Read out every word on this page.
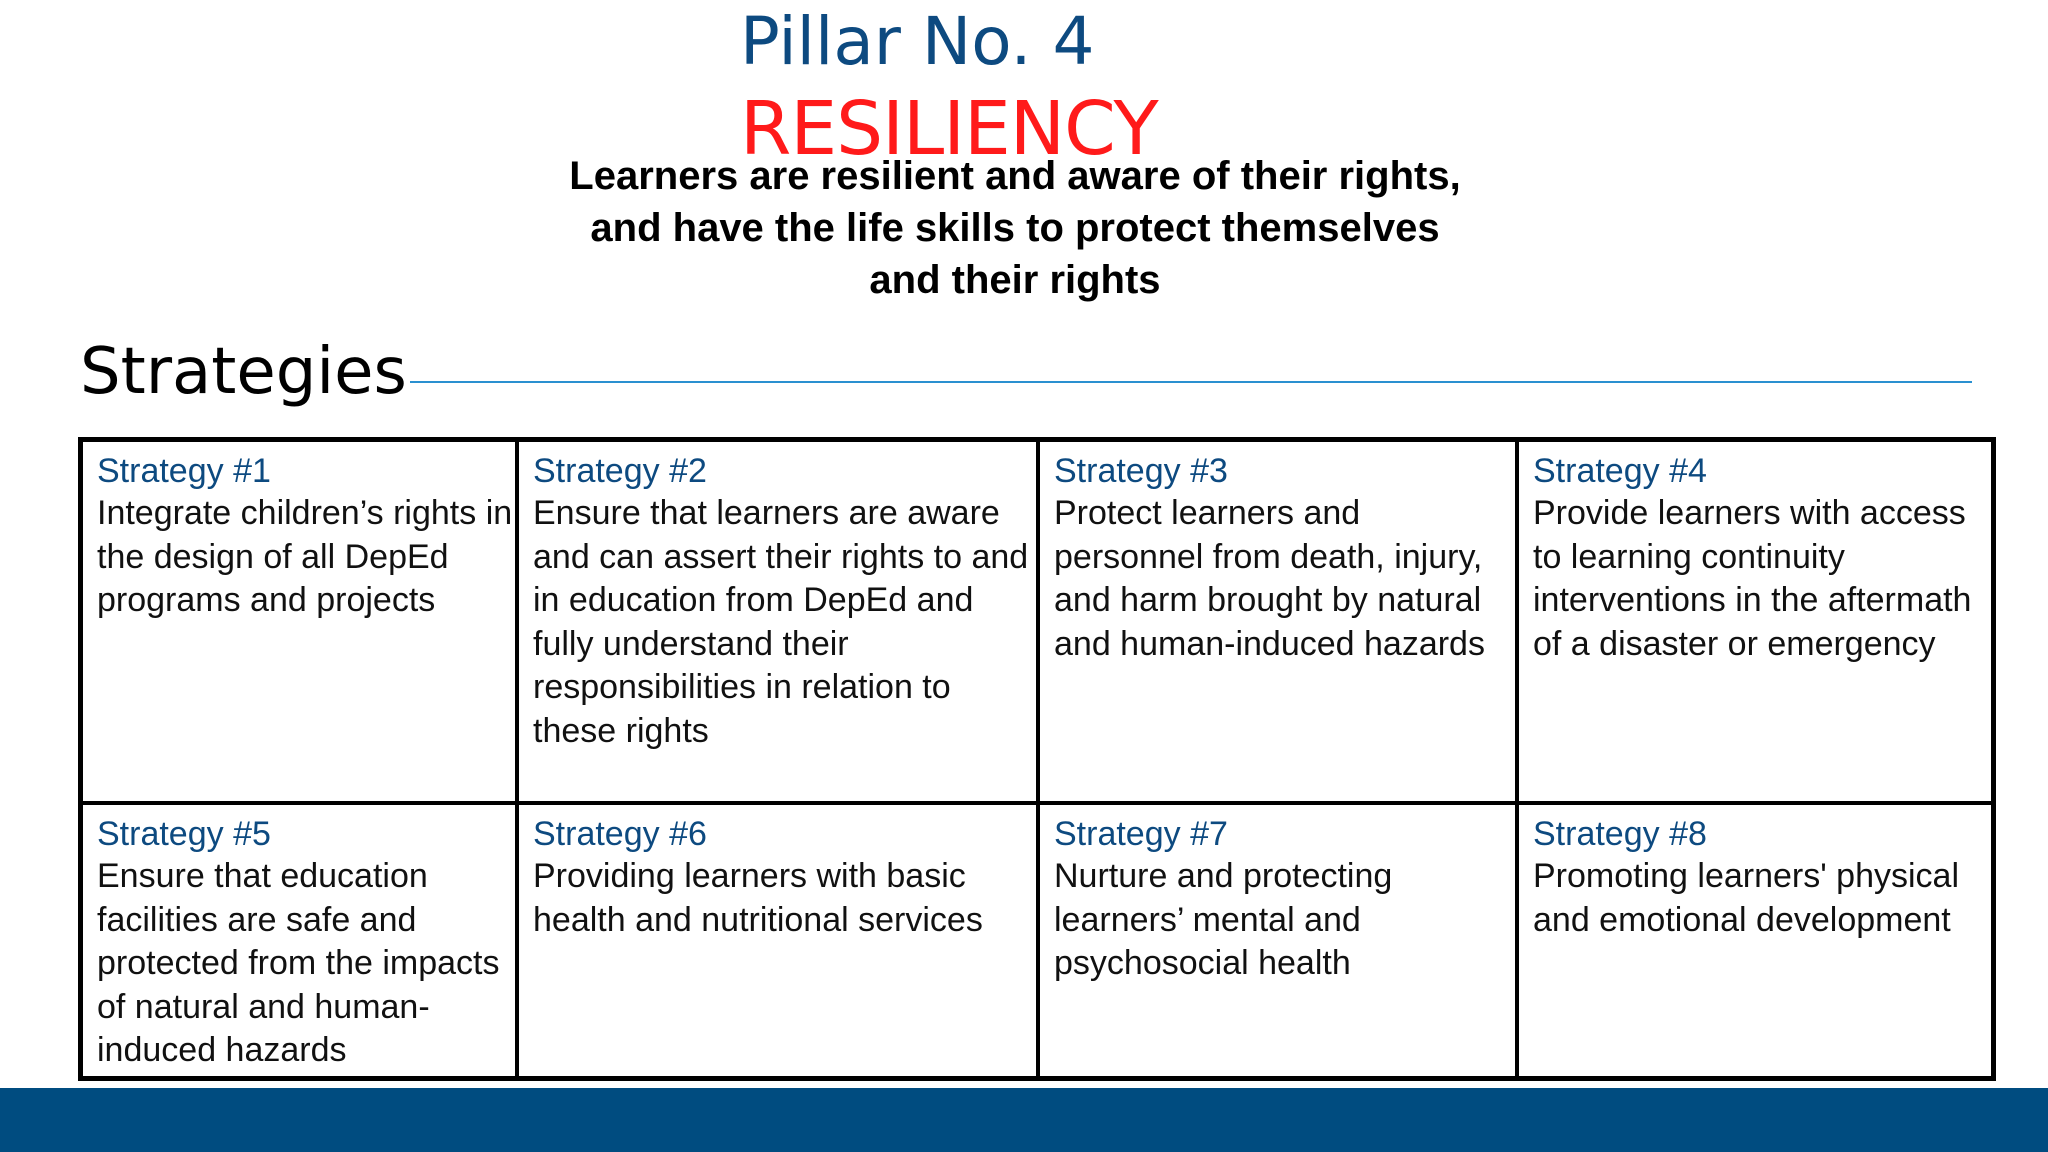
Pillar No. 4
RESILIENCY
Learners are resilient and aware of their rights, and have the life skills to protect themselves and their rights
Strategies
Strategy #1
Integrate children’s rights in the design of all DepEd programs and projects
Strategy #2
Ensure that learners are aware and can assert their rights to and in education from DepEd and fully understand their responsibilities in relation to these rights
Strategy #3
Protect learners and personnel from death, injury, and harm brought by natural and human-induced hazards
Strategy #4
Provide learners with access to learning continuity interventions in the aftermath of a disaster or emergency
Strategy #5
Ensure that education facilities are safe and protected from the impacts of natural and human-induced hazards
Strategy #6
Providing learners with basic health and nutritional services
Strategy #7
Nurture and protecting learners’ mental and psychosocial health
Strategy #8
Promoting learners' physical and emotional development
